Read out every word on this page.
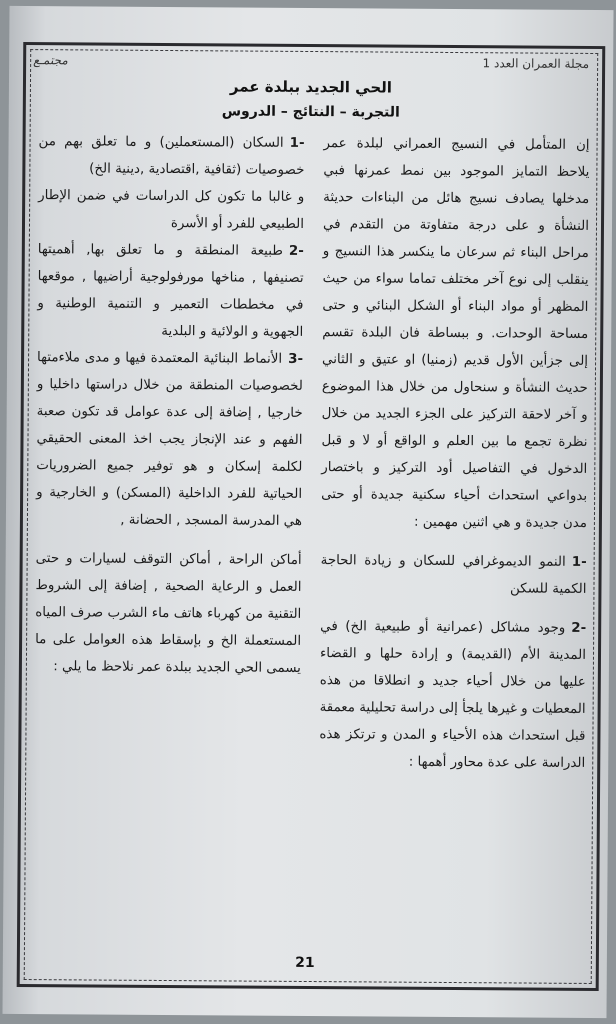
مجلة العمران العدد 1
مجتمـع
الحي الجديد ببلدة عمر
التجربة – النتائج – الدروس

إن المتأمل في النسيج العمراني لبلدة عمر يلاحظ التمايز الموجود بين نمط عمرنها فبي مدخلها يصادف نسيج هائل من البناءات حديثة النشأة و على درجة متفاوتة من التقدم في مراحل البناء ثم سرعان ما ينكسر هذا النسيج و ينقلب إلى نوع آخر مختلف تماما سواء من حيث المظهر أو مواد البناء أو الشكل البنائي و حتى مساحة الوحدات. و ببساطة فان البلدة تقسم إلى جزأين الأول قديم (زمنيا) او عتيق و الثاني حديث النشأة و سنحاول من خلال هذا الموضوع و آخر لاحقة التركيز على الجزء الجديد من خلال نظرة تجمع ما بين العلم و الواقع أو لا و قبل الدخول في التفاصيل أود التركيز و باختصار بدواعي استحداث أحياء سكنية جديدة أو حتى مدن جديدة و هي اثنين مهمين :

-1النمو الديموغرافي للسكان و زيادة الحاجة الكمية للسكن

-2وجود مشاكل (عمرانية أو طبيعية الخ) في المدينة الأم (القديمة) و إرادة حلها و القضاء عليها من خلال أحياء جديد و انطلاقا من هذه المعطيات و غيرها يلجأ إلى دراسة تحليلية معمقة قبل استحداث هذه الأحياء و المدن و ترتكز هذه الدراسة على عدة محاور أهمها :

-1السكان (المستعملين) و ما تعلق بهم من خصوصيات (ثقافية ,اقتصادية ,دينية الخ)

و غالبا ما تكون كل الدراسات في ضمن الإطار الطبيعي للفرد أو الأسرة

-2طبيعة المنطقة و ما تعلق بها, أهميتها تصنيفها , مناخها مورفولوجية أراضيها , موقعها في مخططات التعمير و التنمية الوطنية و الجهوية و الولائية و البلدية

-3الأنماط البنائية المعتمدة فيها و مدى ملاءمتها لخصوصيات المنطقة من خلال دراستها داخليا و خارجيا , إضافة إلى عدة عوامل قد تكون صعبة الفهم و عند الإنجاز يجب اخذ المعنى الحقيقي لكلمة إسكان و هو توفير جميع الضروريات الحياتية للفرد الداخلية (المسكن) و الخارجية و هي المدرسة المسجد , الحضانة ,

أماكن الراحة , أماكن التوقف لسيارات و حتى العمل و الرعاية الصحية , إضافة إلى الشروط التقنية من كهرباء هاتف ماء الشرب صرف المياه المستعملة الخ و بإسقاط هذه العوامل على ما يسمى الحي الجديد ببلدة عمر نلاحظ ما يلي :

21
